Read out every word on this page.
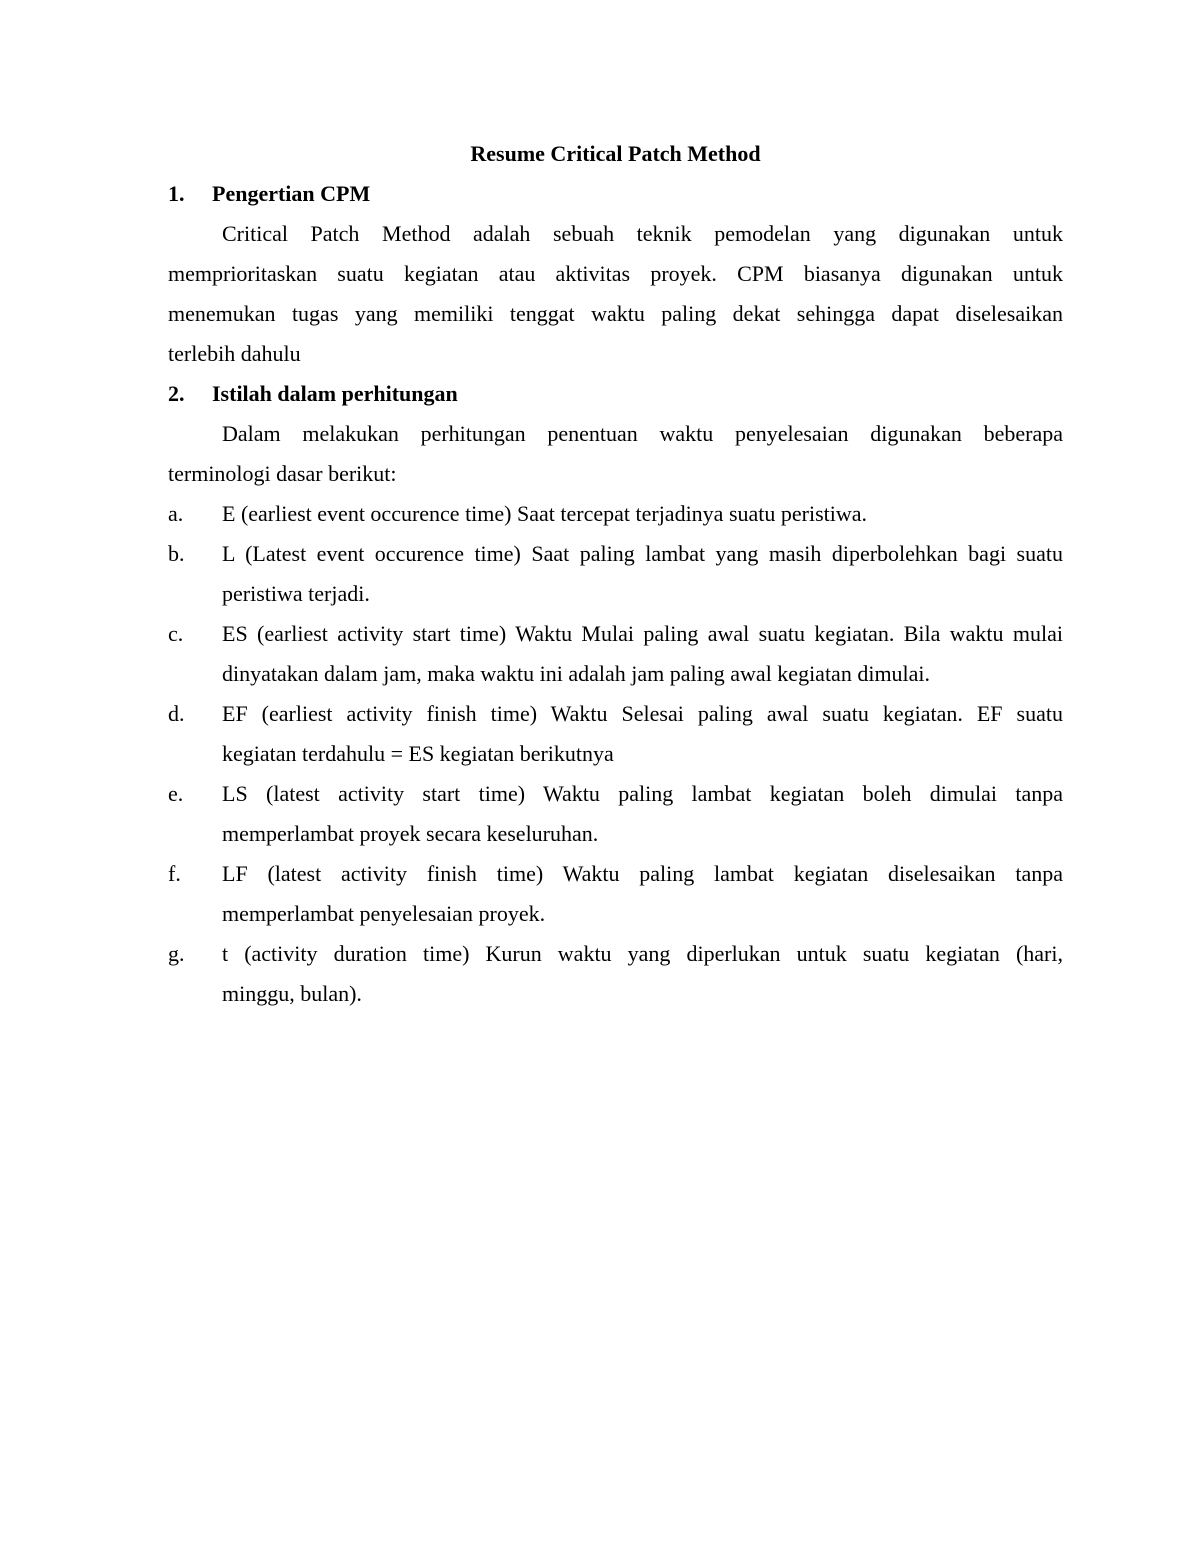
Resume Critical Patch Method
1. Pengertian CPM
Critical Patch Method adalah sebuah teknik pemodelan yang digunakan untuk
memprioritaskan suatu kegiatan atau aktivitas proyek. CPM biasanya digunakan untuk
menemukan tugas yang memiliki tenggat waktu paling dekat sehingga dapat diselesaikan
terlebih dahulu
2. Istilah dalam perhitungan
Dalam melakukan perhitungan penentuan waktu penyelesaian digunakan beberapa
terminologi dasar berikut:
a. E (earliest event occurence time) Saat tercepat terjadinya suatu peristiwa.
b. L (Latest event occurence time) Saat paling lambat yang masih diperbolehkan bagi suatu
peristiwa terjadi.
c. ES (earliest activity start time) Waktu Mulai paling awal suatu kegiatan. Bila waktu mulai
dinyatakan dalam jam, maka waktu ini adalah jam paling awal kegiatan dimulai.
d. EF (earliest activity finish time) Waktu Selesai paling awal suatu kegiatan. EF suatu
kegiatan terdahulu = ES kegiatan berikutnya
e. LS (latest activity start time) Waktu paling lambat kegiatan boleh dimulai tanpa
memperlambat proyek secara keseluruhan.
f. LF (latest activity finish time) Waktu paling lambat kegiatan diselesaikan tanpa
memperlambat penyelesaian proyek.
g. t (activity duration time) Kurun waktu yang diperlukan untuk suatu kegiatan (hari,
minggu, bulan).
